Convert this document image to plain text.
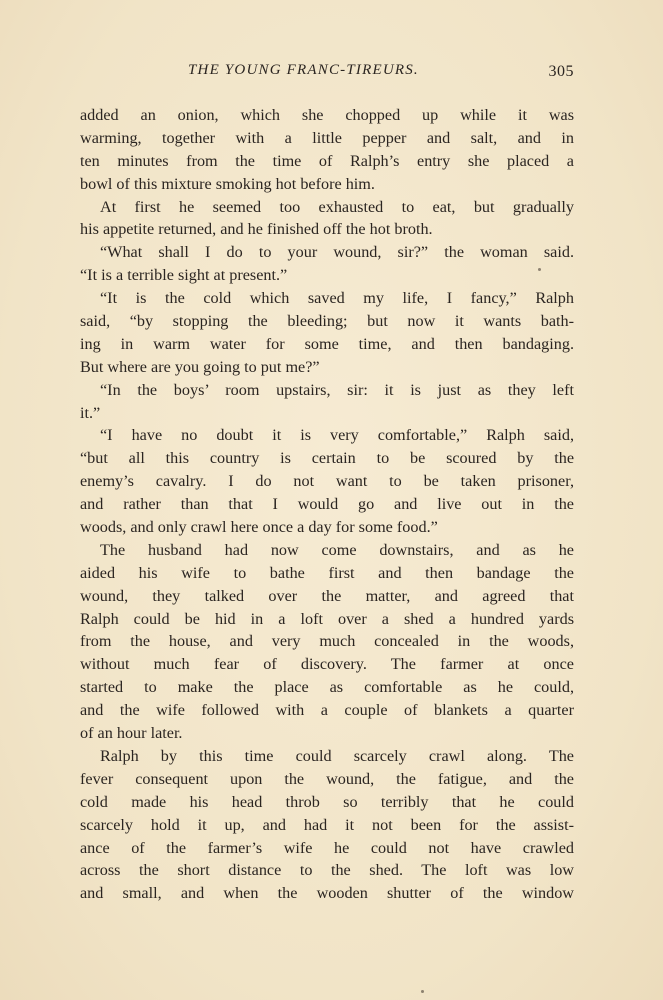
THE YOUNG FRANC-TIREURS.	305
added an onion, which she chopped up while it was
warming, together with a little pepper and salt, and in
ten minutes from the time of Ralph’s entry she placed a
bowl of this mixture smoking hot before him.
At first he seemed too exhausted to eat, but gradually
his appetite returned, and he finished off the hot broth.
“What shall I do to your wound, sir?” the woman said.
“It is a terrible sight at present.”
“It is the cold which saved my life, I fancy,” Ralph
said, “by stopping the bleeding; but now it wants bath-
ing in warm water for some time, and then bandaging.
But where are you going to put me?”
“In the boys’ room upstairs, sir: it is just as they left
it.”
“I have no doubt it is very comfortable,” Ralph said,
“but all this country is certain to be scoured by the
enemy’s cavalry. I do not want to be taken prisoner,
and rather than that I would go and live out in the
woods, and only crawl here once a day for some food.”
The husband had now come downstairs, and as he
aided his wife to bathe first and then bandage the
wound, they talked over the matter, and agreed that
Ralph could be hid in a loft over a shed a hundred yards
from the house, and very much concealed in the woods,
without much fear of discovery. The farmer at once
started to make the place as comfortable as he could,
and the wife followed with a couple of blankets a quarter
of an hour later.
Ralph by this time could scarcely crawl along. The
fever consequent upon the wound, the fatigue, and the
cold made his head throb so terribly that he could
scarcely hold it up, and had it not been for the assist-
ance of the farmer’s wife he could not have crawled
across the short distance to the shed. The loft was low
and small, and when the wooden shutter of the window
